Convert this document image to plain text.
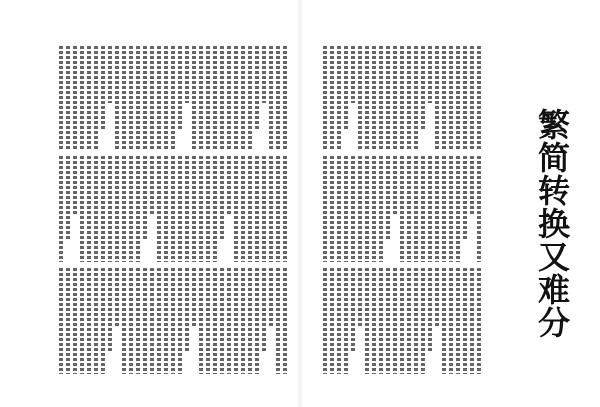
繁简转换又难分
